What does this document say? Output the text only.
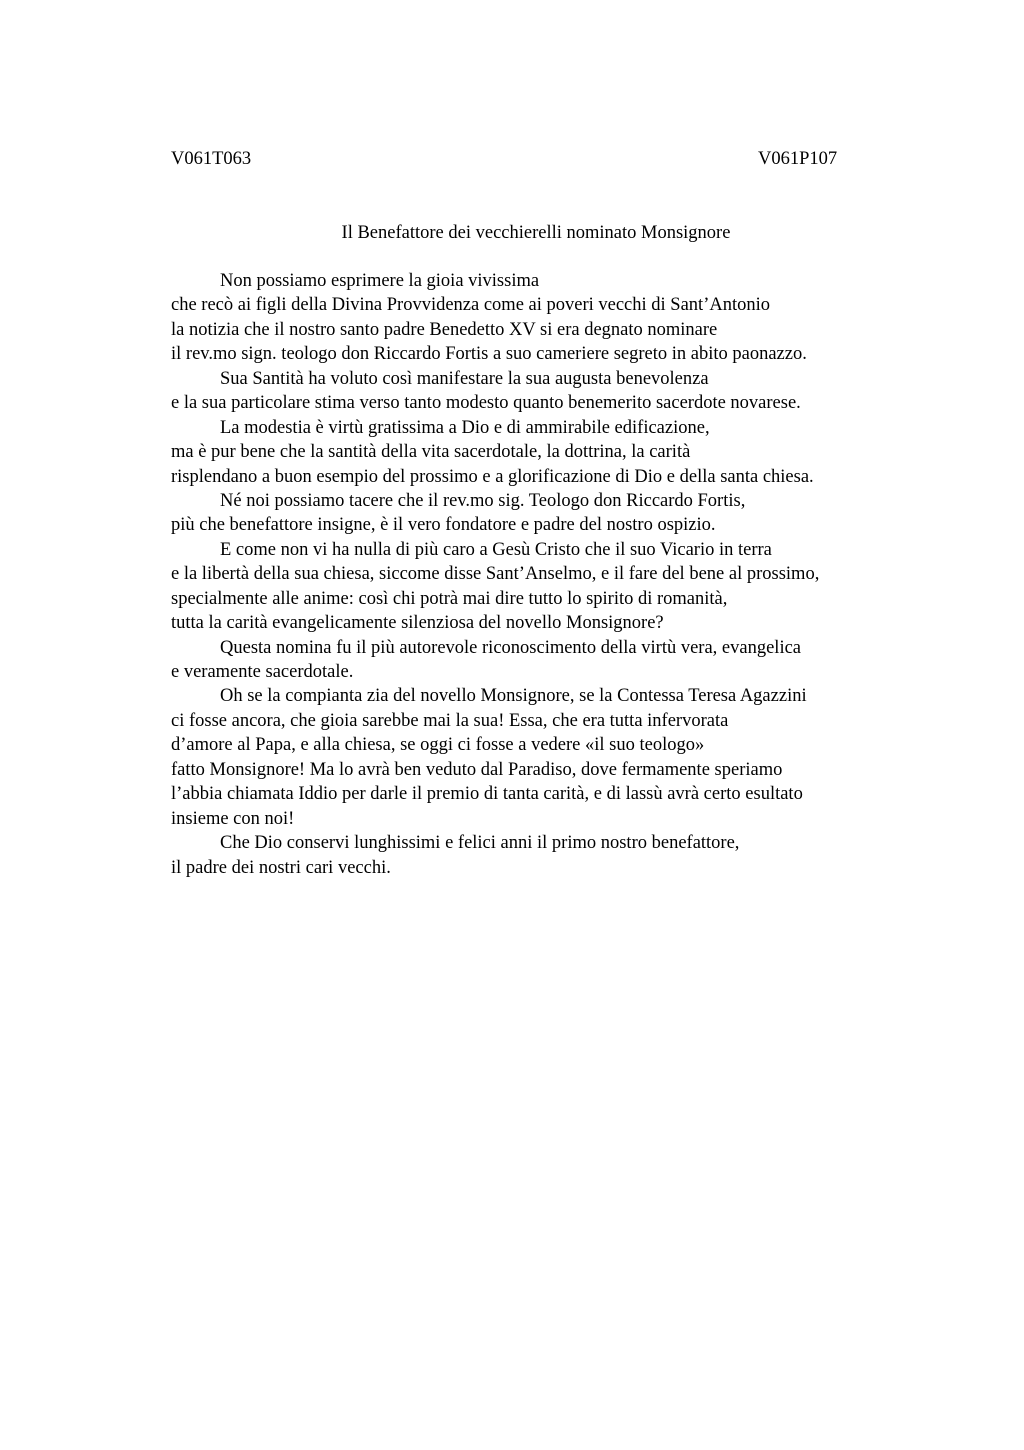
V061T063	V061P107
Il Benefattore dei vecchierelli nominato Monsignore
Non possiamo esprimere la gioia vivissima
che recò ai figli della Divina Provvidenza come ai poveri vecchi di Sant’Antonio
la notizia che il nostro santo padre Benedetto XV si era degnato nominare
il rev.mo sign. teologo don Riccardo Fortis a suo cameriere segreto in abito paonazzo.
Sua Santità ha voluto così manifestare la sua augusta benevolenza
e la sua particolare stima verso tanto modesto quanto benemerito sacerdote novarese.
La modestia è virtù gratissima a Dio e di ammirabile edificazione,
ma è pur bene che la santità della vita sacerdotale, la dottrina, la carità
risplendano a buon esempio del prossimo e a glorificazione di Dio e della santa chiesa.
Né noi possiamo tacere che il rev.mo sig. Teologo don Riccardo Fortis,
più che benefattore insigne, è il vero fondatore e padre del nostro ospizio.
E come non vi ha nulla di più caro a Gesù Cristo che il suo Vicario in terra
e la libertà della sua chiesa, siccome disse Sant’Anselmo, e il fare del bene al prossimo,
specialmente alle anime: così chi potrà mai dire tutto lo spirito di romanità,
tutta la carità evangelicamente silenziosa del novello Monsignore?
Questa nomina fu il più autorevole riconoscimento della virtù vera, evangelica
e veramente sacerdotale.
Oh se la compianta zia del novello Monsignore, se la Contessa Teresa Agazzini
ci fosse ancora, che gioia sarebbe mai la sua! Essa, che era tutta infervorata
d’amore al Papa, e alla chiesa, se oggi ci fosse a vedere «il suo teologo»
fatto Monsignore! Ma lo avrà ben veduto dal Paradiso, dove fermamente speriamo
l’abbia chiamata Iddio per darle il premio di tanta carità, e di lassù avrà certo esultato
insieme con noi!
Che Dio conservi lunghissimi e felici anni il primo nostro benefattore,
il padre dei nostri cari vecchi.
